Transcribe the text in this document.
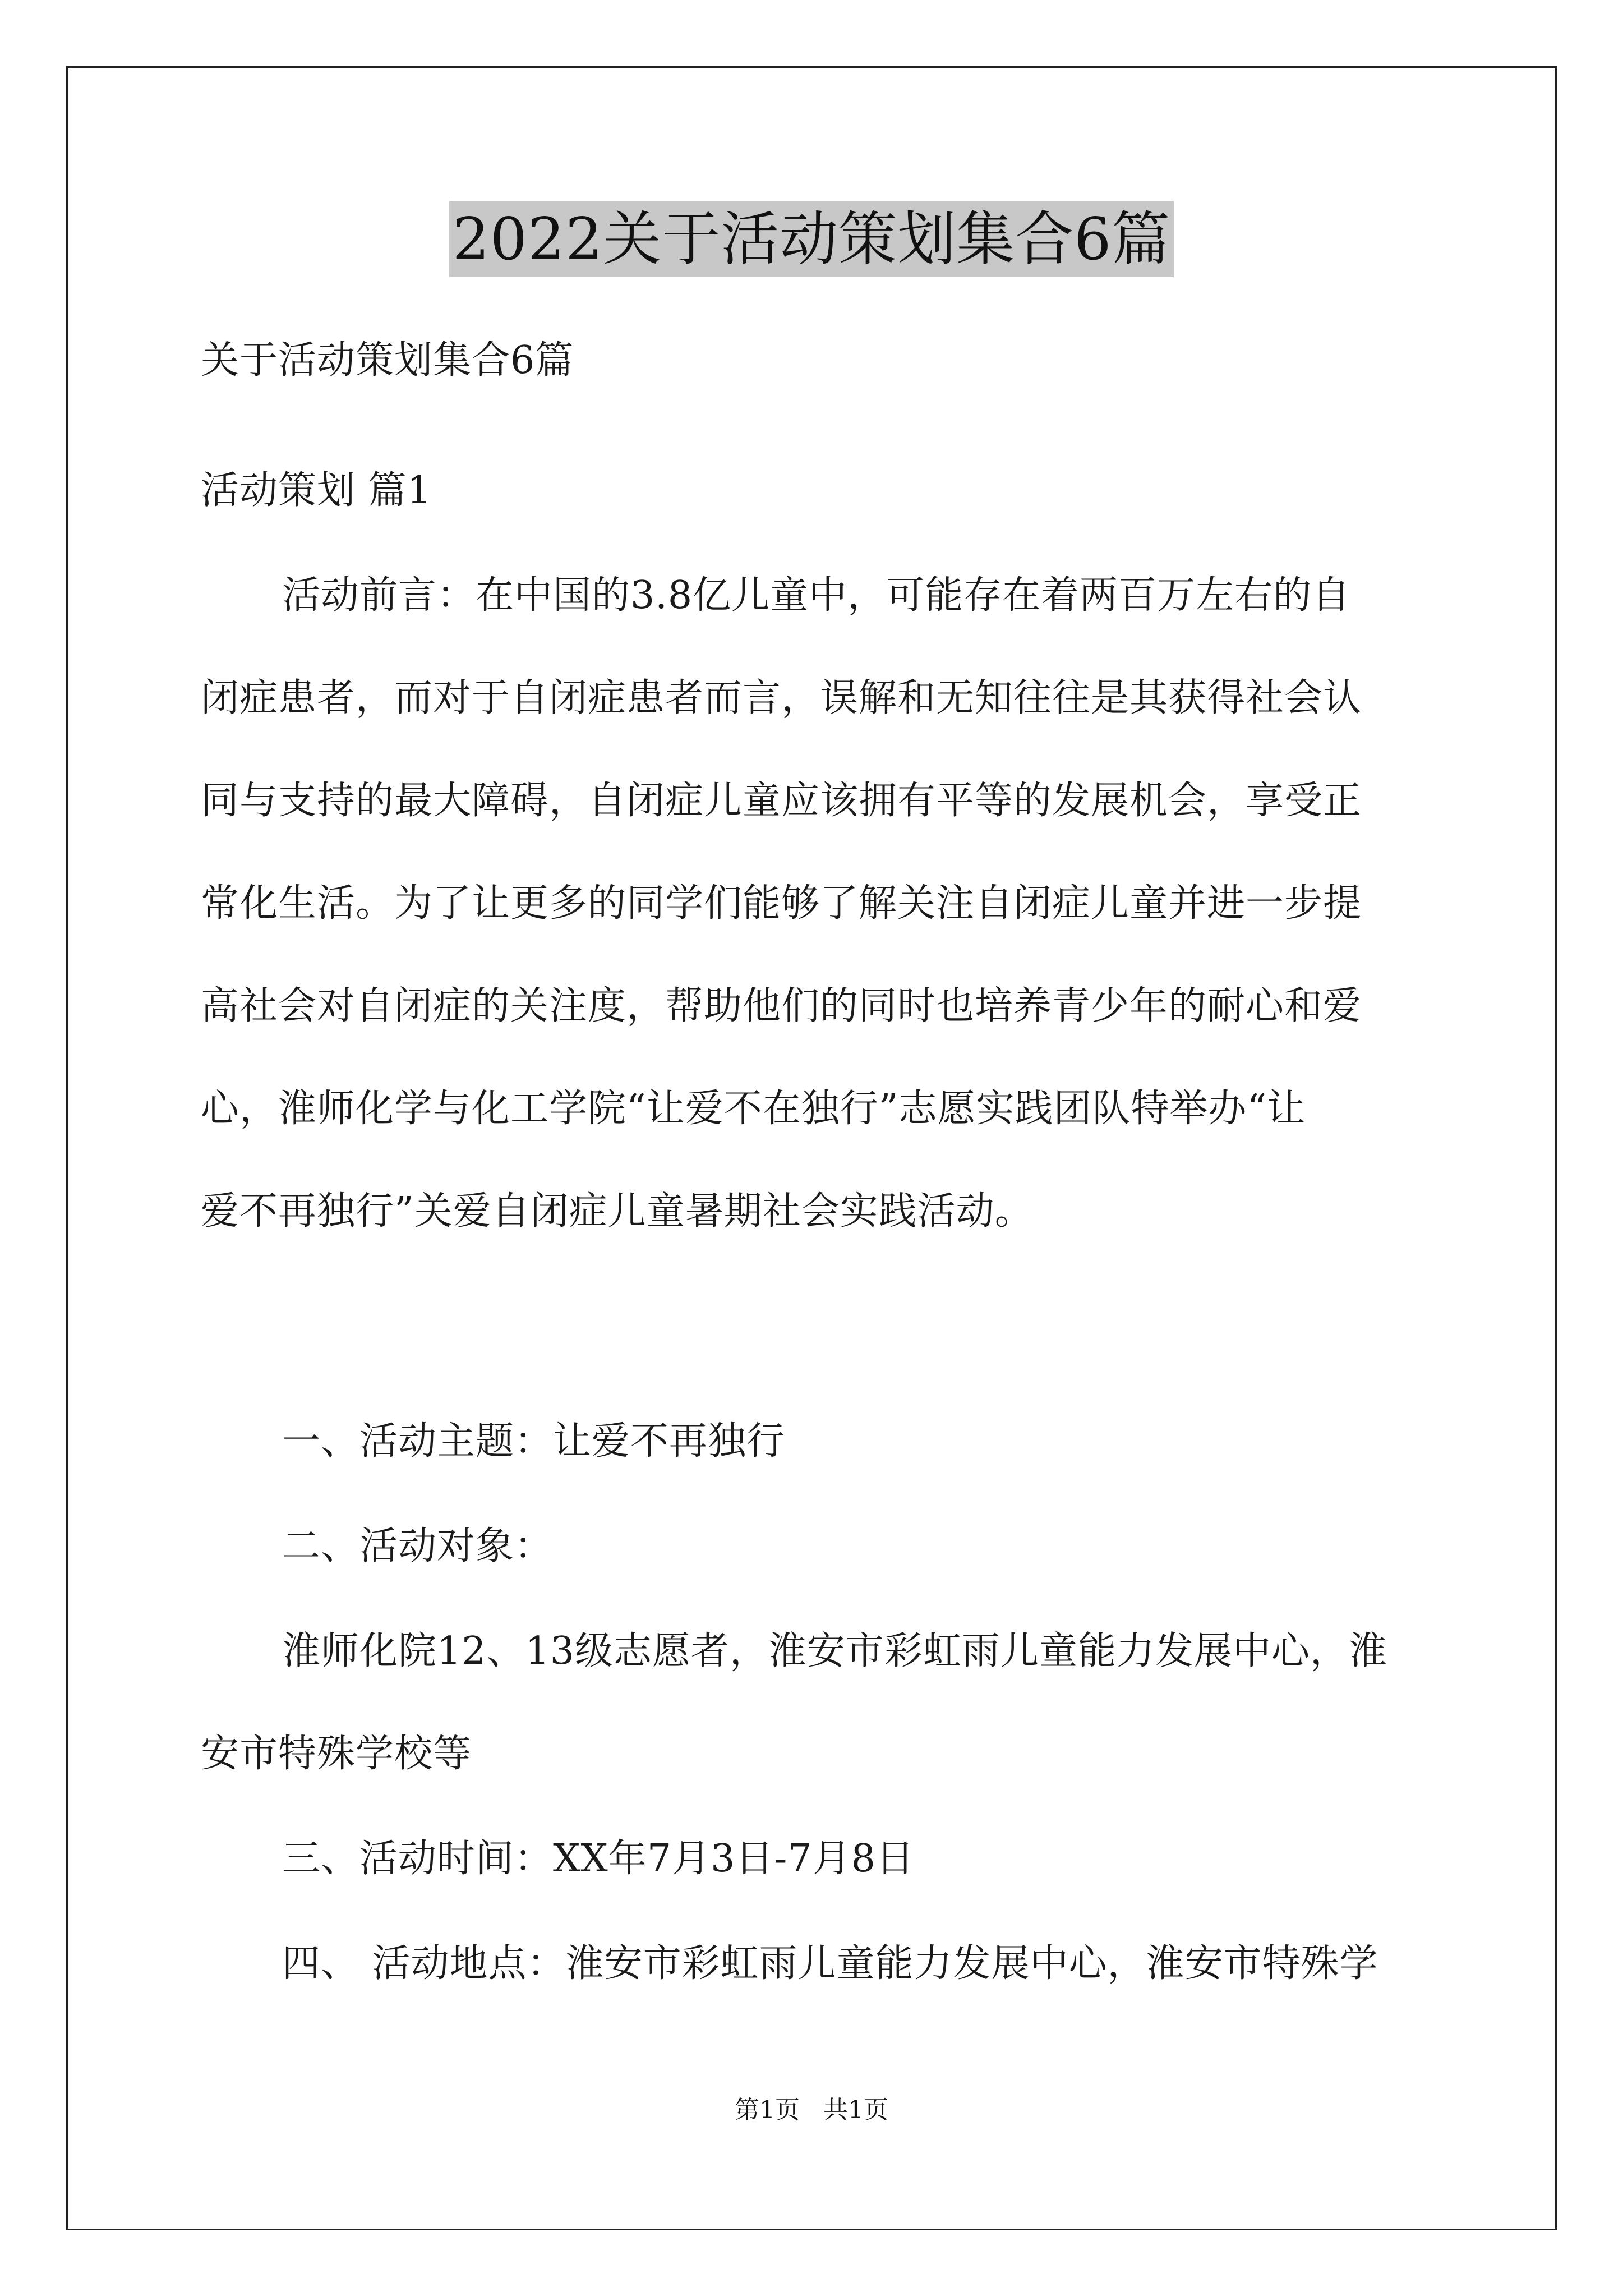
2022关于活动策划集合6篇

关于活动策划集合6篇

活动策划 篇1

活动前言：在中国的3.8亿儿童中，可能存在着两百万左右的自
闭症患者，而对于自闭症患者而言，误解和无知往往是其获得社会认
同与支持的最大障碍，自闭症儿童应该拥有平等的发展机会，享受正
常化生活。为了让更多的同学们能够了解关注自闭症儿童并进一步提
高社会对自闭症的关注度，帮助他们的同时也培养青少年的耐心和爱
心，淮师化学与化工学院“让爱不在独行”志愿实践团队特举办“让
爱不再独行”关爱自闭症儿童暑期社会实践活动。

一、活动主题：让爱不再独行

二、活动对象：

淮师化院12、13级志愿者，淮安市彩虹雨儿童能力发展中心，淮
安市特殊学校等

三、活动时间：XX年7月3日-7月8日

四、 活动地点：淮安市彩虹雨儿童能力发展中心，淮安市特殊学

第1页 共1页
